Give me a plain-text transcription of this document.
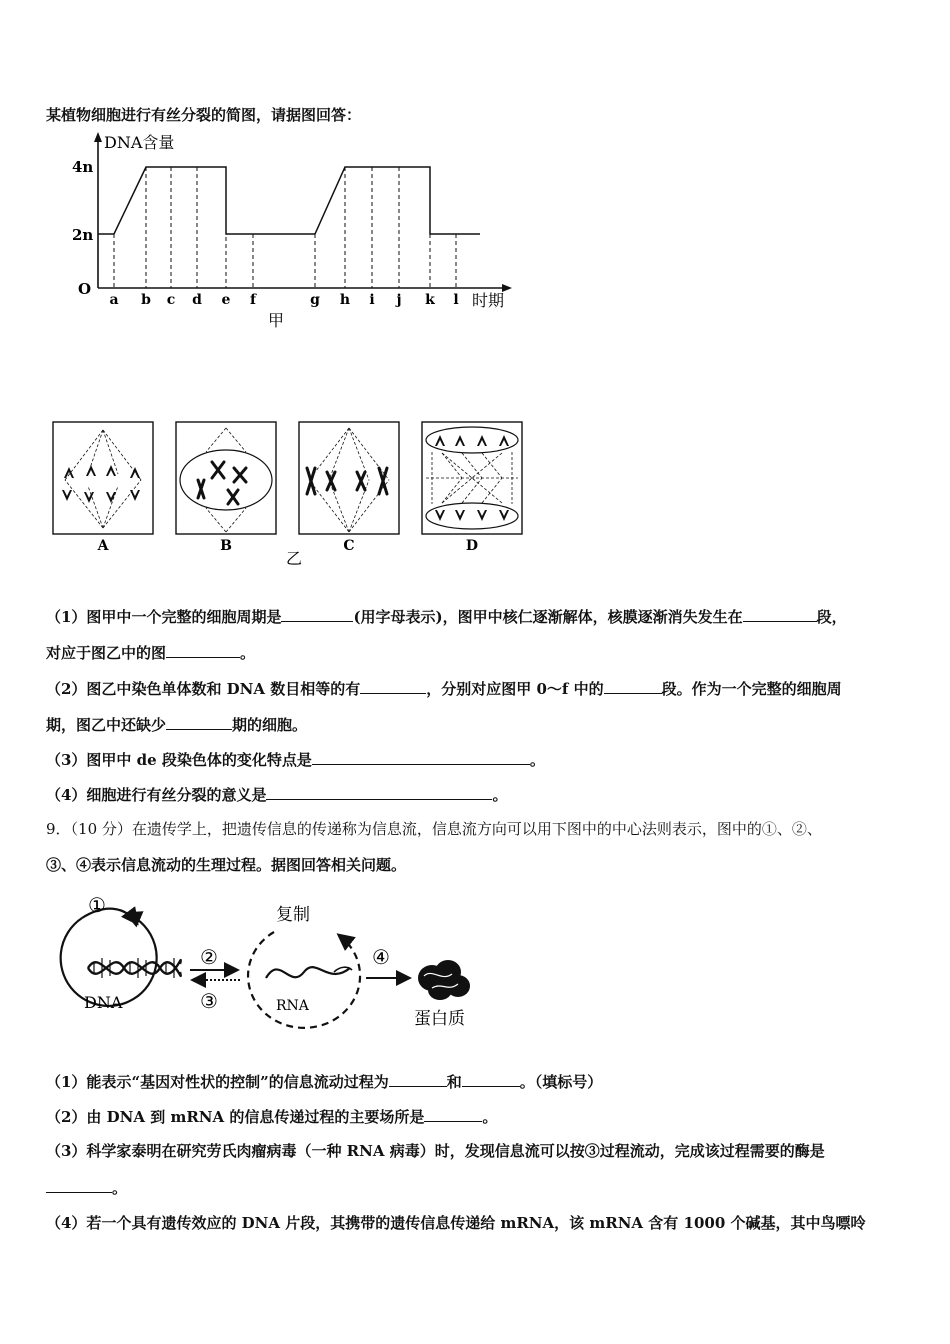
某植物细胞进行有丝分裂的简图，请据图回答：
DNA含量
4n
2n
O
a b c d e f	g h i j k l 时期
甲
A	B	C	D
乙
（1）图甲中一个完整的细胞周期是	(用字母表示)，图甲中核仁逐渐解体，核膜逐渐消失发生在	段，
对应于图乙中的图	。
（2）图乙中染色单体数和 DNA 数目相等的有	，分别对应图甲 0～f 中的	段。作为一个完整的细胞周
期，图乙中还缺少	期的细胞。
（3）图甲中 de 段染色体的变化特点是	。
（4）细胞进行有丝分裂的意义是	。
9．（10 分）在遗传学上，把遗传信息的传递称为信息流，信息流方向可以用下图中的中心法则表示，图中的①、②、
③、④表示信息流动的生理过程。据图回答相关问题。
①
DNA
②
③
复制
RNA
④
蛋白质
（1）能表示“基因对性状的控制”的信息流动过程为	和	。（填标号）
（2）由 DNA 到 mRNA 的信息传递过程的主要场所是	。
（3）科学家泰明在研究劳氏肉瘤病毒（一种 RNA 病毒）时，发现信息流可以按③过程流动，完成该过程需要的酶是
。
（4）若一个具有遗传效应的 DNA 片段，其携带的遗传信息传递给 mRNA，该 mRNA 含有 1000 个碱基，其中鸟嘌呤
